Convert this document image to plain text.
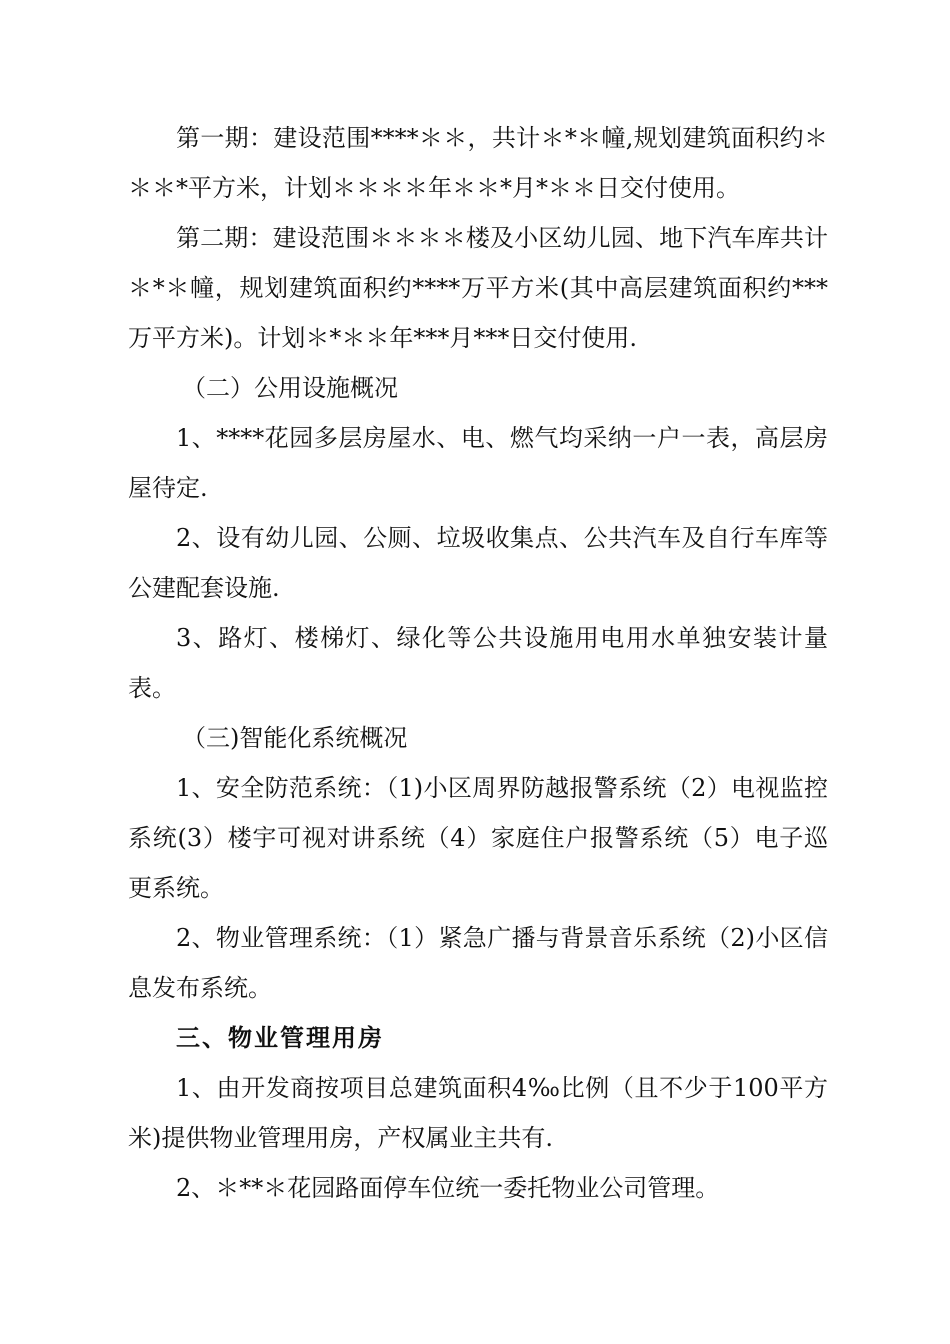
第一期：建设范围****＊＊，共计＊*＊幢,规划建筑面积约＊＊＊*平方米，计划＊＊＊＊年＊＊*月*＊＊日交付使用。

第二期：建设范围＊＊＊＊楼及小区幼儿园、地下汽车库共计＊*＊幢，规划建筑面积约****万平方米(其中高层建筑面积约***万平方米)。计划＊*＊＊年***月***日交付使用.

（二）公用设施概况

1、****花园多层房屋水、电、燃气均采纳一户一表，高层房屋待定.

2、设有幼儿园、公厕、垃圾收集点、公共汽车及自行车库等公建配套设施.

3、路灯、楼梯灯、绿化等公共设施用电用水单独安装计量表。

（三)智能化系统概况

1、安全防范系统：（1)小区周界防越报警系统（2）电视监控系统(3）楼宇可视对讲系统（4）家庭住户报警系统（5）电子巡更系统。

2、物业管理系统：（1）紧急广播与背景音乐系统（2)小区信息发布系统。

三、物业管理用房

1、由开发商按项目总建筑面积4‰比例（且不少于100平方米)提供物业管理用房，产权属业主共有.

2、＊**＊花园路面停车位统一委托物业公司管理。
